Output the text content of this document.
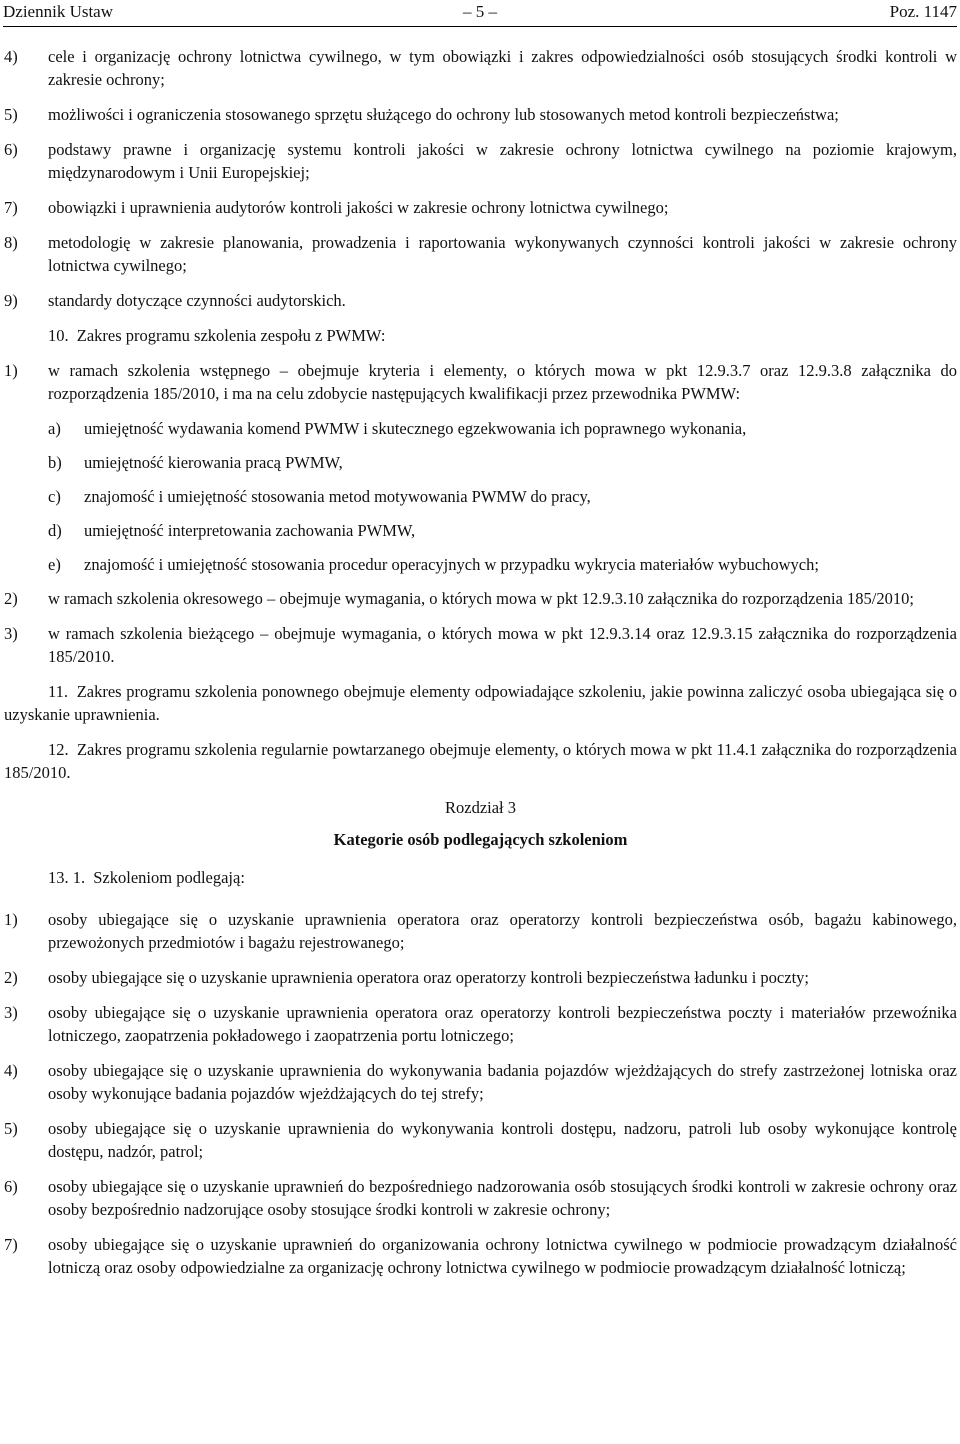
Dziennik Ustaw	– 5 –	Poz. 1147
4) cele i organizację ochrony lotnictwa cywilnego, w tym obowiązki i zakres odpowiedzialności osób stosujących środki kontroli w zakresie ochrony;
5) możliwości i ograniczenia stosowanego sprzętu służącego do ochrony lub stosowanych metod kontroli bezpieczeństwa;
6) podstawy prawne i organizację systemu kontroli jakości w zakresie ochrony lotnictwa cywilnego na poziomie krajowym, międzynarodowym i Unii Europejskiej;
7) obowiązki i uprawnienia audytorów kontroli jakości w zakresie ochrony lotnictwa cywilnego;
8) metodologię w zakresie planowania, prowadzenia i raportowania wykonywanych czynności kontroli jakości w zakresie ochrony lotnictwa cywilnego;
9) standardy dotyczące czynności audytorskich.
10. Zakres programu szkolenia zespołu z PWMW:
1) w ramach szkolenia wstępnego – obejmuje kryteria i elementy, o których mowa w pkt 12.9.3.7 oraz 12.9.3.8 załącznika do rozporządzenia 185/2010, i ma na celu zdobycie następujących kwalifikacji przez przewodnika PWMW:
a) umiejętność wydawania komend PWMW i skutecznego egzekwowania ich poprawnego wykonania,
b) umiejętność kierowania pracą PWMW,
c) znajomość i umiejętność stosowania metod motywowania PWMW do pracy,
d) umiejętność interpretowania zachowania PWMW,
e) znajomość i umiejętność stosowania procedur operacyjnych w przypadku wykrycia materiałów wybuchowych;
2) w ramach szkolenia okresowego – obejmuje wymagania, o których mowa w pkt 12.9.3.10 załącznika do rozporządzenia 185/2010;
3) w ramach szkolenia bieżącego – obejmuje wymagania, o których mowa w pkt 12.9.3.14 oraz 12.9.3.15 załącznika do rozporządzenia 185/2010.
11. Zakres programu szkolenia ponownego obejmuje elementy odpowiadające szkoleniu, jakie powinna zaliczyć osoba ubiegająca się o uzyskanie uprawnienia.
12. Zakres programu szkolenia regularnie powtarzanego obejmuje elementy, o których mowa w pkt 11.4.1 załącznika do rozporządzenia 185/2010.
Rozdział 3
Kategorie osób podlegających szkoleniom
13. 1. Szkoleniom podlegają:
1) osoby ubiegające się o uzyskanie uprawnienia operatora oraz operatorzy kontroli bezpieczeństwa osób, bagażu kabinowego, przewożonych przedmiotów i bagażu rejestrowanego;
2) osoby ubiegające się o uzyskanie uprawnienia operatora oraz operatorzy kontroli bezpieczeństwa ładunku i poczty;
3) osoby ubiegające się o uzyskanie uprawnienia operatora oraz operatorzy kontroli bezpieczeństwa poczty i materiałów przewoźnika lotniczego, zaopatrzenia pokładowego i zaopatrzenia portu lotniczego;
4) osoby ubiegające się o uzyskanie uprawnienia do wykonywania badania pojazdów wjeżdżających do strefy zastrzeżonej lotniska oraz osoby wykonujące badania pojazdów wjeżdżających do tej strefy;
5) osoby ubiegające się o uzyskanie uprawnienia do wykonywania kontroli dostępu, nadzoru, patroli lub osoby wykonujące kontrolę dostępu, nadzór, patrol;
6) osoby ubiegające się o uzyskanie uprawnień do bezpośredniego nadzorowania osób stosujących środki kontroli w zakresie ochrony oraz osoby bezpośrednio nadzorujące osoby stosujące środki kontroli w zakresie ochrony;
7) osoby ubiegające się o uzyskanie uprawnień do organizowania ochrony lotnictwa cywilnego w podmiocie prowadzącym działalność lotniczą oraz osoby odpowiedzialne za organizację ochrony lotnictwa cywilnego w podmiocie prowadzącym działalność lotniczą;
